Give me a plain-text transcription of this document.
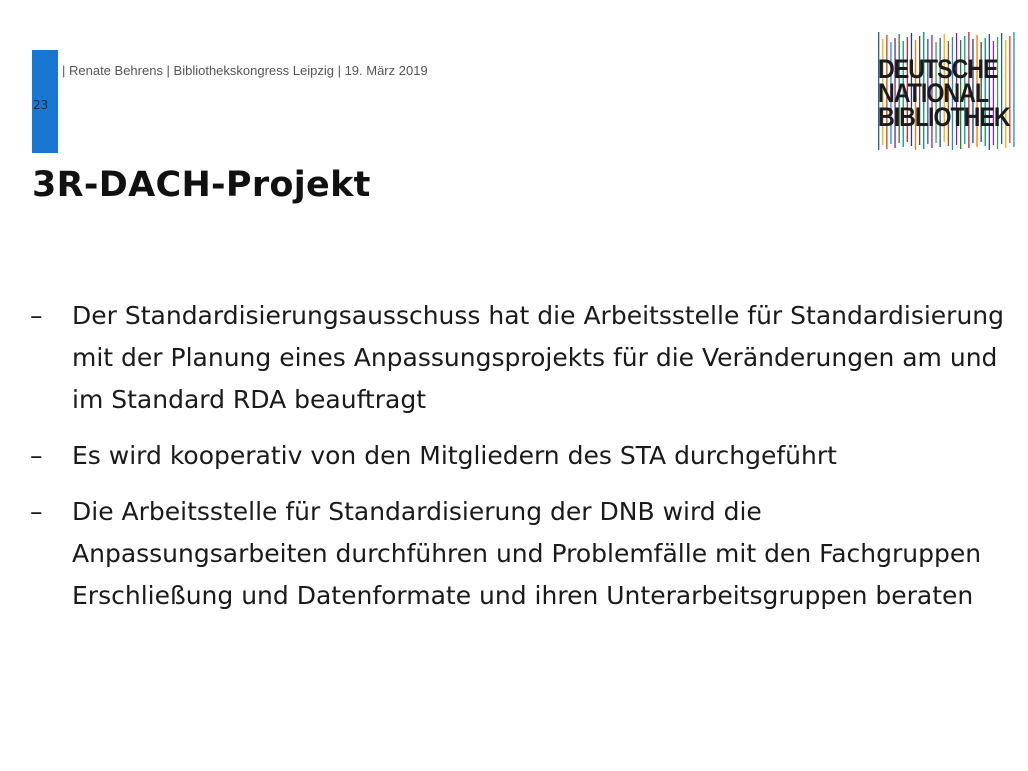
23
| Renate Behrens | Bibliothekskongress Leipzig | 19. März 2019	DEUTSCHE
NATIONAL
BIBLIOTHEK
3R-DACH-Projekt
– Der Standardisierungsausschuss hat die Arbeitsstelle für Standardisierung mit der Planung eines Anpassungsprojekts für die Veränderungen am und im Standard RDA beauftragt
– Es wird kooperativ von den Mitgliedern des STA durchgeführt
– Die Arbeitsstelle für Standardisierung der DNB wird die Anpassungsarbeiten durchführen und Problemfälle mit den Fachgruppen Erschließung und Datenformate und ihren Unterarbeitsgruppen beraten
